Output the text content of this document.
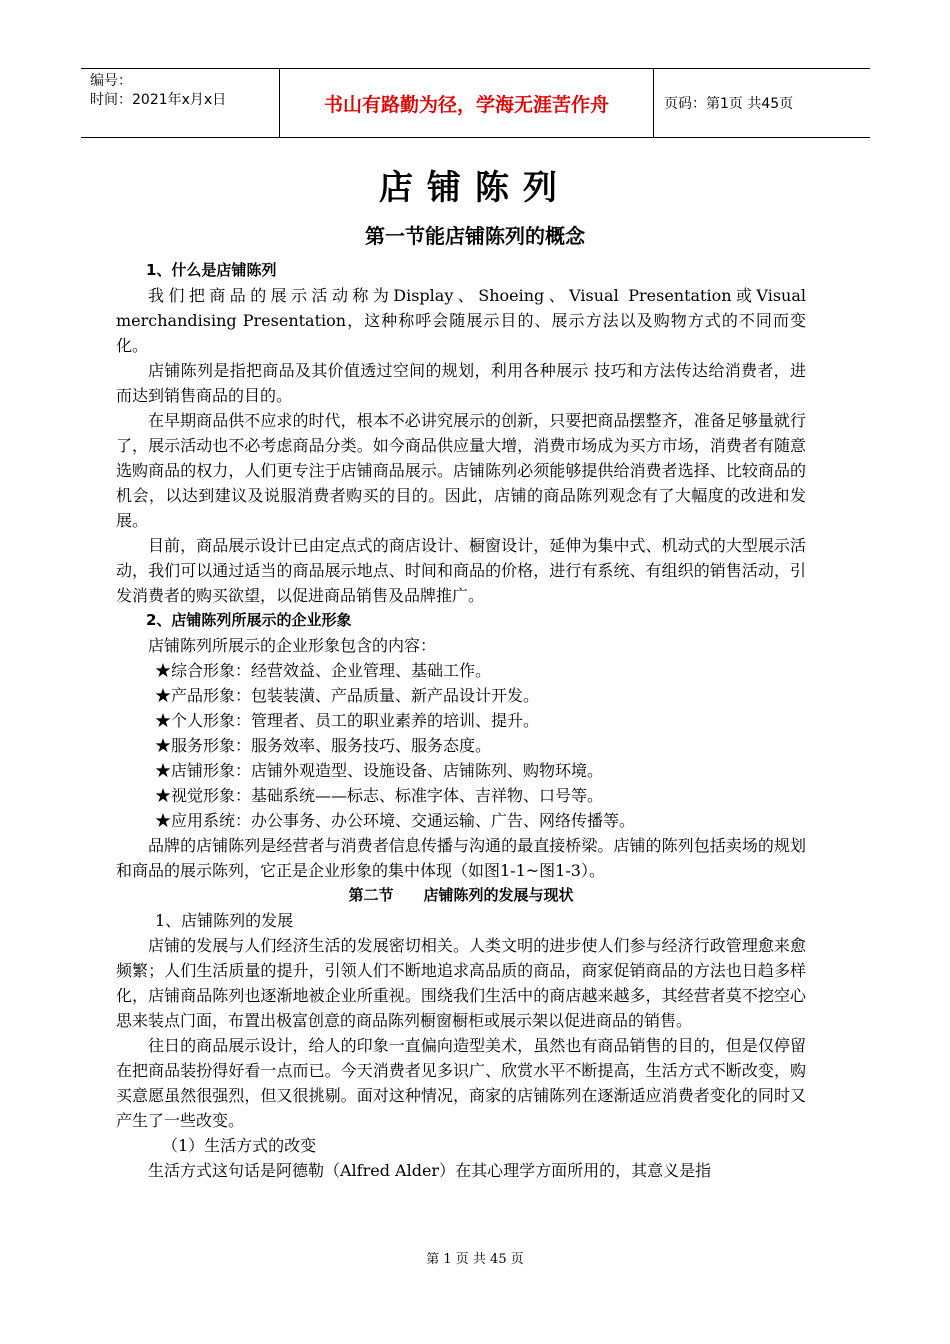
编号：
时间：2021年x月x日	书山有路勤为径，学海无涯苦作舟	页码：第1页 共45页
店铺陈列
第一节能店铺陈列的概念

1、什么是店铺陈列

我们把商品的展示活动称为Display、Shoeing、Visual Presentation或Visual merchandising Presentation，这种称呼会随展示目的、展示方法以及购物方式的不同而变化。

店铺陈列是指把商品及其价值透过空间的规划，利用各种展示 技巧和方法传达给消费者，进而达到销售商品的目的。

在早期商品供不应求的时代，根本不必讲究展示的创新，只要把商品摆整齐，准备足够量就行了，展示活动也不必考虑商品分类。如今商品供应量大增，消费市场成为买方市场，消费者有随意选购商品的权力，人们更专注于店铺商品展示。店铺陈列必须能够提供给消费者选择、比较商品的机会，以达到建议及说服消费者购买的目的。因此，店铺的商品陈列观念有了大幅度的改进和发展。

目前，商品展示设计已由定点式的商店设计、橱窗设计，延伸为集中式、机动式的大型展示活动，我们可以通过适当的商品展示地点、时间和商品的价格，进行有系统、有组织的销售活动，引发消费者的购买欲望，以促进商品销售及品牌推广。

2、店铺陈列所展示的企业形象

店铺陈列所展示的企业形象包含的内容：

★综合形象：经营效益、企业管理、基础工作。

★产品形象：包装装潢、产品质量、新产品设计开发。

★个人形象：管理者、员工的职业素养的培训、提升。

★服务形象：服务效率、服务技巧、服务态度。

★店铺形象：店铺外观造型、设施设备、店铺陈列、购物环境。

★视觉形象：基础系统——标志、标准字体、吉祥物、口号等。

★应用系统：办公事务、办公环境、交通运输、广告、网络传播等。

品牌的店铺陈列是经营者与消费者信息传播与沟通的最直接桥梁。店铺的陈列包括卖场的规划和商品的展示陈列，它正是企业形象的集中体现（如图1-1~图1-3）。

第二节　　店铺陈列的发展与现状

1、店铺陈列的发展

店铺的发展与人们经济生活的发展密切相关。人类文明的进步使人们参与经济行政管理愈来愈频繁；人们生活质量的提升，引领人们不断地追求高品质的商品，商家促销商品的方法也日趋多样化，店铺商品陈列也逐渐地被企业所重视。围绕我们生活中的商店越来越多，其经营者莫不挖空心思来装点门面，布置出极富创意的商品陈列橱窗橱柜或展示架以促进商品的销售。

往日的商品展示设计，给人的印象一直偏向造型美术，虽然也有商品销售的目的，但是仅停留在把商品装扮得好看一点而已。今天消费者见多识广、欣赏水平不断提高，生活方式不断改变，购买意愿虽然很强烈，但又很挑剔。面对这种情况，商家的店铺陈列在逐渐适应消费者变化的同时又产生了一些改变。

（1）生活方式的改变

生活方式这句话是阿德勒（Alfred Alder）在其心理学方面所用的，其意义是指

第 1 页 共 45 页
